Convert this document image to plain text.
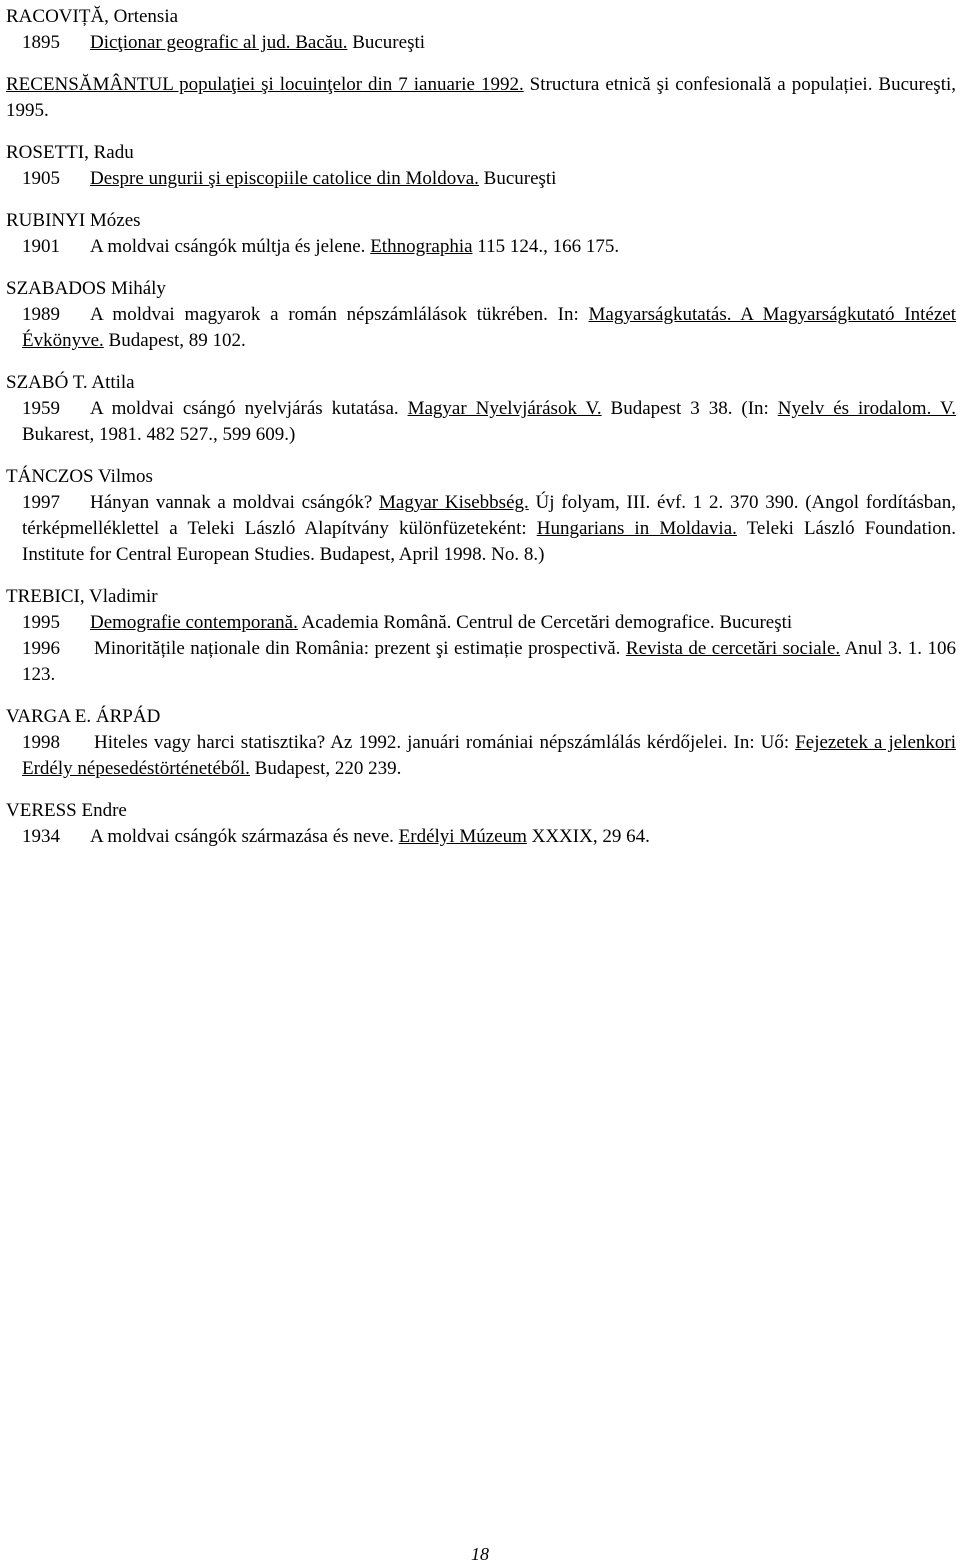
RACOVIȚĂ, Ortensia
1895 Dicţionar geografic al jud. Bacău. Bucureşti
RECENSĂMÂNTUL populaţiei şi locuinţelor din 7 ianuarie 1992. Structura etnică şi confesională a populației. Bucureşti, 1995.
ROSETTI, Radu
1905 Despre ungurii şi episcopiile catolice din Moldova. Bucureşti
RUBINYI Mózes
1901 A moldvai csángók múltja és jelene. Ethnographia 115 124., 166 175.
SZABADOS Mihály
1989 A moldvai magyarok a román népszámlálások tükrében. In: Magyarságkutatás. A Magyarságkutató Intézet Évkönyve. Budapest, 89 102.
SZABÓ T. Attila
1959 A moldvai csángó nyelvjárás kutatása. Magyar Nyelvjárások V. Budapest 3 38. (In: Nyelv és irodalom. V. Bukarest, 1981. 482 527., 599 609.)
TÁNCZOS Vilmos
1997 Hányan vannak a moldvai csángók? Magyar Kisebbség. Új folyam, III. évf. 1 2. 370 390. (Angol fordításban, térképmelléklettel a Teleki László Alapítvány különfüzeteként: Hungarians in Moldavia. Teleki László Foundation. Institute for Central European Studies. Budapest, April 1998. No. 8.)
TREBICI, Vladimir
1995 Demografie contemporană. Academia Română. Centrul de Cercetări demografice. Bucureşti
1996 Minoritățile naționale din România: prezent şi estimație prospectivă. Revista de cercetări sociale. Anul 3. 1. 106 123.
VARGA E. ÁRPÁD
1998 Hiteles vagy harci statisztika? Az 1992. januári romániai népszámlálás kérdőjelei. In: Uő: Fejezetek a jelenkori Erdély népesedéstörténetéből. Budapest, 220 239.
VERESS Endre
1934 A moldvai csángók származása és neve. Erdélyi Múzeum XXXIX, 29 64.
18
